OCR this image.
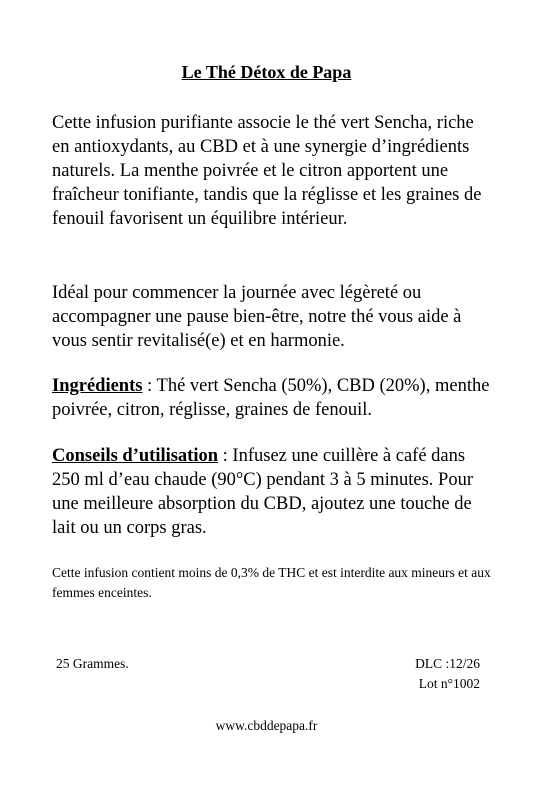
Le Thé Détox de Papa

Cette infusion purifiante associe le thé vert Sencha, riche en antioxydants, au CBD et à une synergie d’ingrédients naturels. La menthe poivrée et le citron apportent une fraîcheur tonifiante, tandis que la réglisse et les graines de fenouil favorisent un équilibre intérieur.

Idéal pour commencer la journée avec légèreté ou accompagner une pause bien-être, notre thé vous aide à vous sentir revitalisé(e) et en harmonie.

Ingrédients : Thé vert Sencha (50%), CBD (20%), menthe poivrée, citron, réglisse, graines de fenouil.

Conseils d’utilisation : Infusez une cuillère à café dans 250 ml d’eau chaude (90°C) pendant 3 à 5 minutes. Pour une meilleure absorption du CBD, ajoutez une touche de lait ou un corps gras.

Cette infusion contient moins de 0,3% de THC et est interdite aux mineurs et aux femmes enceintes.

25 Grammes.	DLC :12/26
Lot n°1002
www.cbddepapa.fr
